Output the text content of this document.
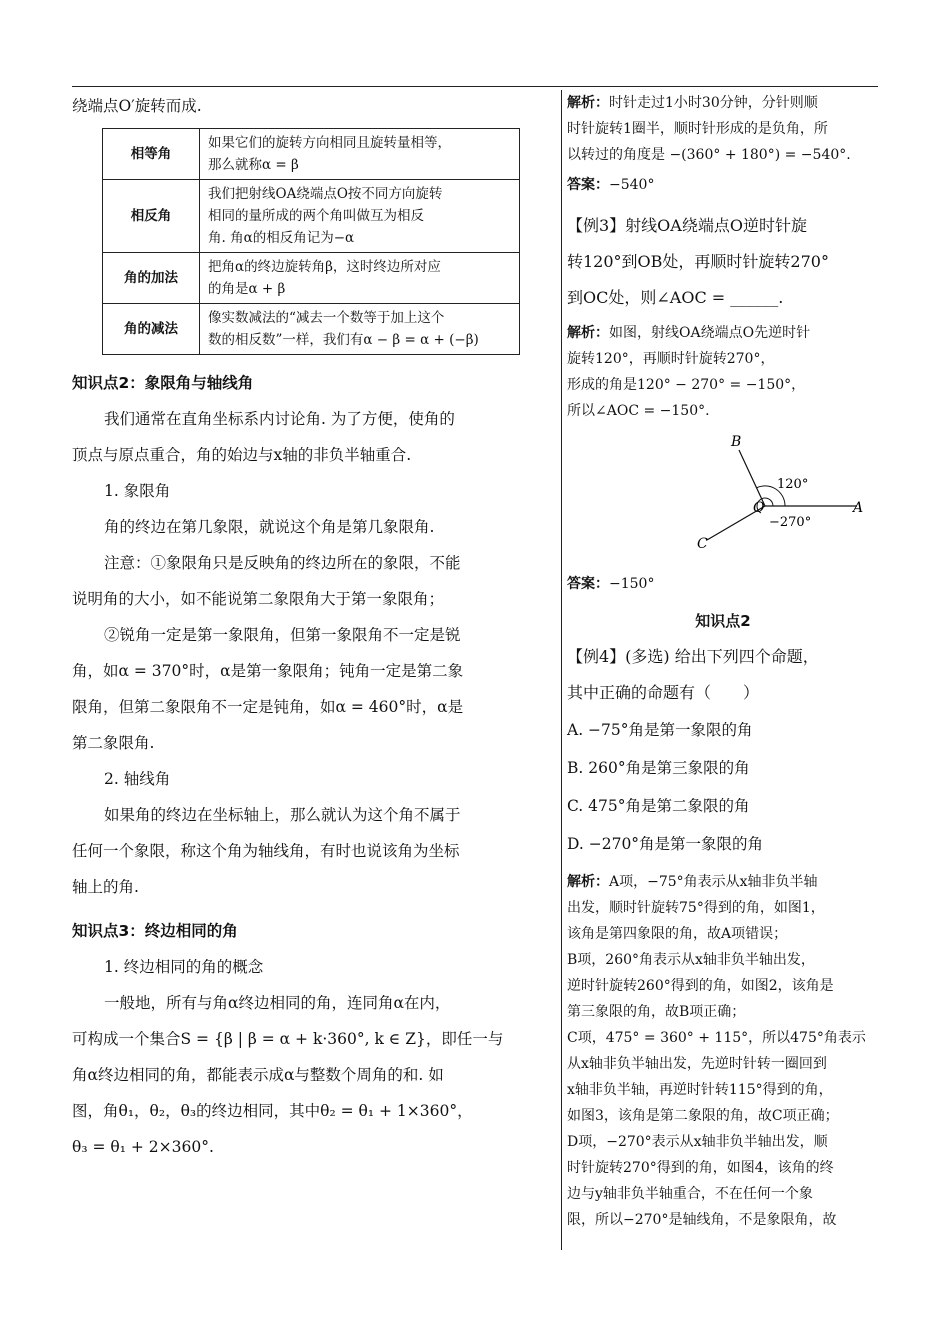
绕端点O′旋转而成.
相等角	如果它们的旋转方向相同且旋转量相等，
那么就称α = β
相反角	我们把射线OA绕端点O按不同方向旋转
相同的量所成的两个角叫做互为相反
角. 角α的相反角记为−α
角的加法	把角α的终边旋转角β，这时终边所对应
的角是α + β
角的减法	像实数减法的“减去一个数等于加上这个
数的相反数”一样，我们有α − β = α + (−β)
知识点2：象限角与轴线角
我们通常在直角坐标系内讨论角. 为了方便，使角的
顶点与原点重合，角的始边与x轴的非负半轴重合.
1. 象限角
角的终边在第几象限，就说这个角是第几象限角.
注意：①象限角只是反映角的终边所在的象限，不能
说明角的大小，如不能说第二象限角大于第一象限角；
②锐角一定是第一象限角，但第一象限角不一定是锐
角，如α = 370°时，α是第一象限角；钝角一定是第二象
限角，但第二象限角不一定是钝角，如α = 460°时，α是
第二象限角.
2. 轴线角
如果角的终边在坐标轴上，那么就认为这个角不属于
任何一个象限，称这个角为轴线角，有时也说该角为坐标
轴上的角.
知识点3：终边相同的角
1. 终边相同的角的概念
一般地，所有与角α终边相同的角，连同角α在内，
可构成一个集合S = {β | β = α + k·360°, k ∈ Z}，即任一与
角α终边相同的角，都能表示成α与整数个周角的和. 如
图，角θ₁，θ₂，θ₃的终边相同，其中θ₂ = θ₁ + 1×360°，
θ₃ = θ₁ + 2×360°.
解析：时针走过1小时30分钟，分针则顺
时针旋转1圈半，顺时针形成的是负角，所
以转过的角度是 −(360° + 180°) = −540°.
答案：−540°
【例3】射线OA绕端点O逆时针旋
转120°到OB处，再顺时针旋转270°
到OC处，则∠AOC = ______.
解析：如图，射线OA绕端点O先逆时针
旋转120°，再顺时针旋转270°，
形成的角是120° − 270° = −150°，
所以∠AOC = −150°.
B
O	A
C
120°
−270°
答案：−150°
知识点2
【例4】(多选) 给出下列四个命题，
其中正确的命题有（　　）
A. −75°角是第一象限的角
B. 260°角是第三象限的角
C. 475°角是第二象限的角
D. −270°角是第一象限的角
解析：A项，−75°角表示从x轴非负半轴
出发，顺时针旋转75°得到的角，如图1，
该角是第四象限的角，故A项错误；
B项，260°角表示从x轴非负半轴出发，
逆时针旋转260°得到的角，如图2，该角是
第三象限的角，故B项正确；
C项，475° = 360° + 115°，所以475°角表示
从x轴非负半轴出发，先逆时针转一圈回到
x轴非负半轴，再逆时针转115°得到的角，
如图3，该角是第二象限的角，故C项正确；
D项，−270°表示从x轴非负半轴出发，顺
时针旋转270°得到的角，如图4，该角的终
边与y轴非负半轴重合，不在任何一个象
限，所以−270°是轴线角，不是象限角，故
